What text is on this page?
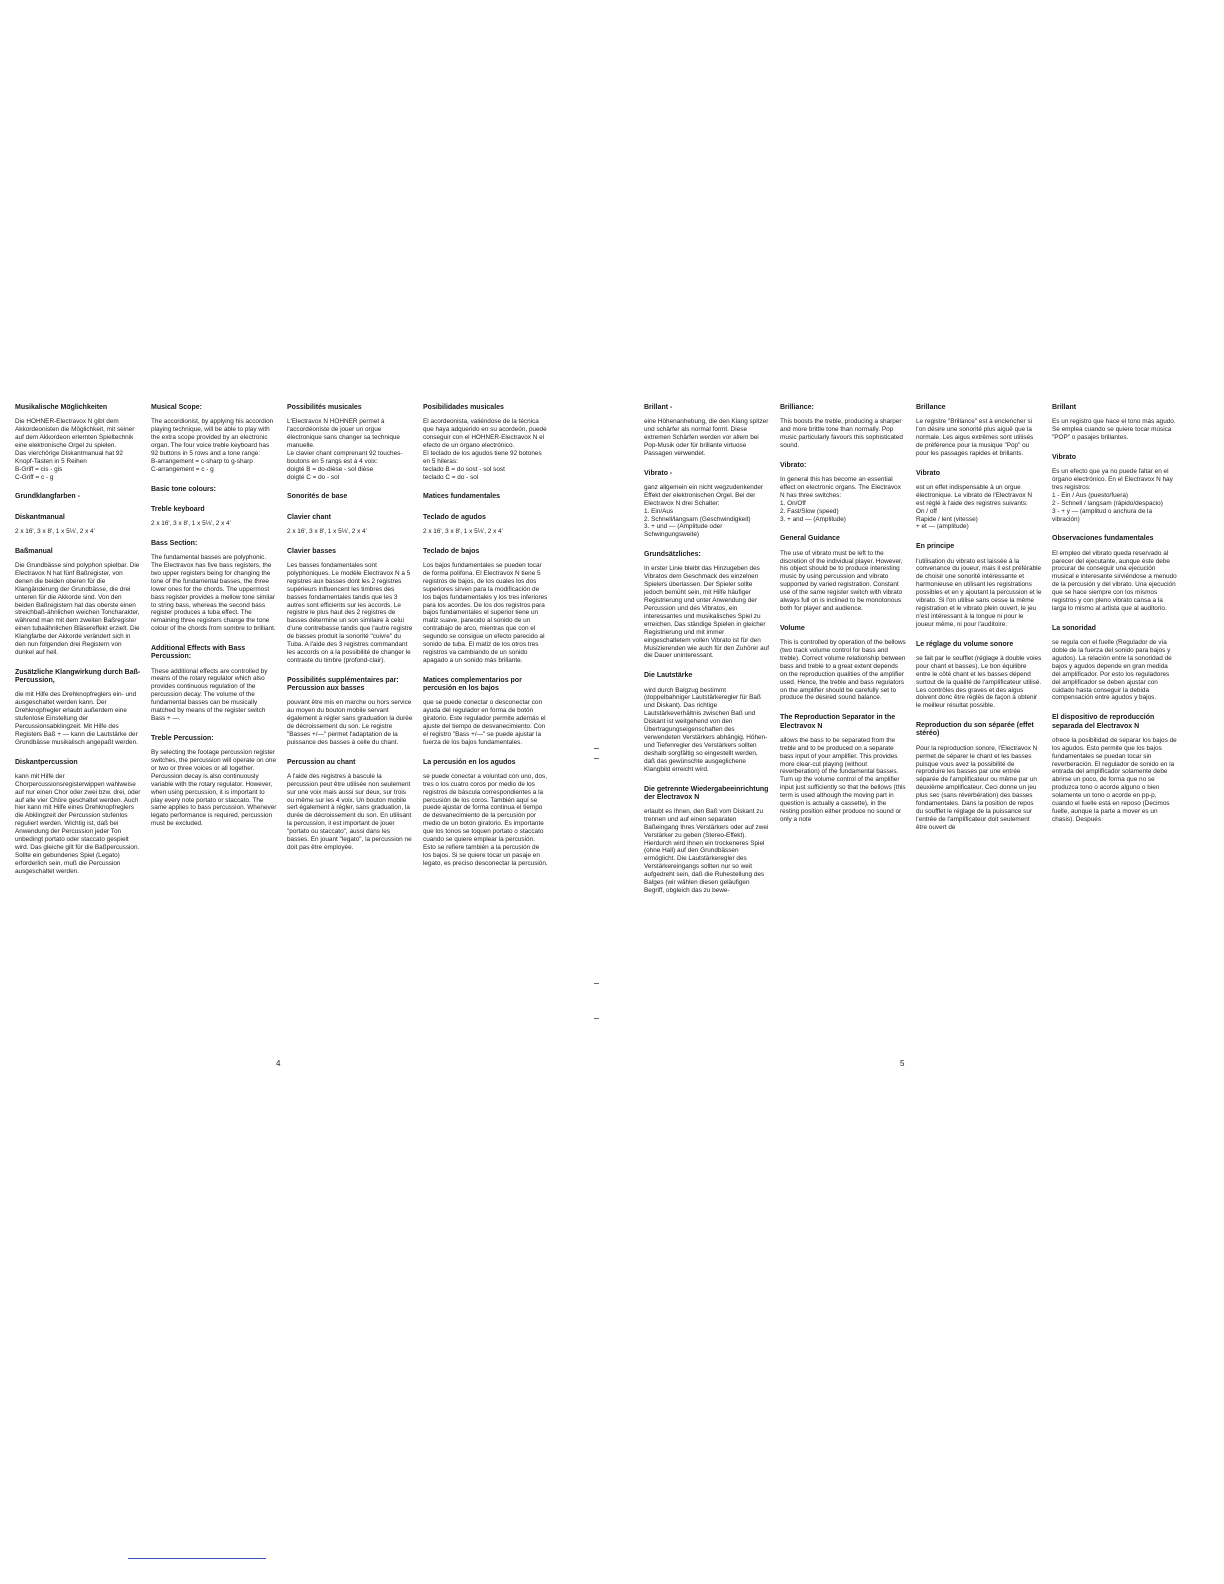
Musikalische Möglichkeiten
Die HOHNER-Electravox N gibt dem Akkordeonisten die Möglichkeit, mit seiner auf dem Akkordeon erlernten Spieltechnik eine elektronische Orgel zu spielen.
Das vierchörige Diskantmanual hat 92 Knopf-Tasten in 5 Reihen
B-Griff = cis - gis
C-Griff = c - g
Grundklangfarben -
Diskantmanual
2 x 16', 3 x 8', 1 x 5⅓', 2 x 4'
Baßmanual
Die Grundbässe sind polyphon spielbar. Die Electravox N hat fünf Baßregister, von denen die beiden oberen für die Klangänderung der Grundbässe, die drei unteren für die Akkorde sind. Von den beiden Baßregistern hat das oberste einen streichbaß-ähnlichen weichen Toncharakter, während man mit dem zweiten Baßregister einen tubaähnlichen Bläsereffekt erzielt. Die Klangfarbe der Akkorde verändert sich in den nun folgenden drei Registern von dunkel auf hell.
Zusätzliche Klangwirkung durch Baß-Percussion,
die mit Hilfe des Drehknopfreglers ein- und ausgeschaltet werden kann. Der Drehknopfregler erlaubt außerdem eine stufenlose Einstellung der Percussionsabklingzeit. Mit Hilfe des Registers Baß + — kann die Lautstärke der Grundbässe musikalisch angepaßt werden.
Diskantpercussion
kann mit Hilfe der Chorpercussionsregisterwippen wahlweise auf nur einen Chor oder zwei bzw. drei, oder auf alle vier Chöre geschaltet werden. Auch hier kann mit Hilfe eines Drehknopfreglers die Abklingzeit der Percussion stufenlos reguliert werden. Wichtig ist, daß bei Anwendung der Percussion jeder Ton unbedingt portato oder staccato gespielt wird. Das gleiche gilt für die Baßpercussion. Sollte ein gebundenes Spiel (Legato) erforderlich sein, muß die Percussion ausgeschaltet werden.
Musical Scope:
The accordionist, by applying his accordion playing technique, will be able to play with the extra scope provided by an electronic organ. The four voice treble keyboard has 92 buttons in 5 rows and a tone range:
B-arrangement = c-sharp to g-sharp
C-arrangement = c - g
Basic tone colours:
Treble keyboard
2 x 16', 3 x 8', 1 x 5⅓', 2 x 4'
Bass Section:
The fundamental basses are polyphonic. The Electravox has five bass registers, the two upper registers being for changing the tone of the fundamental basses, the three lower ones for the chords. The uppermost bass register provides a mellow tone similar to string bass, whereas the second bass register produces a tuba effect. The remaining three registers change the tone colour of the chords from sombre to brilliant.
Additional Effects with Bass Percussion:
These additional effects are controlled by means of the rotary regulator which also provides continuous regulation of the percussion decay. The volume of the fundamental basses can be musically matched by means of the register switch Bass + —.
Treble Percussion:
By selecting the footage percussion register switches, the percussion will operate on one or two or three voices or all together. Percussion decay is also continuously variable with the rotary regulator. However, when using percussion, it is important to play every note portato or staccato. The same applies to bass percussion. Whenever legato performance is required, percussion must be excluded.
Possibilités musicales
L'Electravox N HOHNER permet à l'accordéoniste de jouer un orgue électronique sans changer sa technique manuelle.
Le clavier chant comprenant 92 touches-boutons en 5 rangs est à 4 voix:
doigté B = do-dièse - sol dièse
doigté C = do - sol
Sonorités de base
Clavier chant
2 x 16', 3 x 8', 1 x 5⅓', 2 x 4'
Clavier basses
Les basses fondamentales sont polyphoniques. Le modèle Electravox N a 5 registres aux basses dont les 2 registres supérieurs influencent les timbres des basses fondamentales tandis que les 3 autres sont efficients sur les accords. Le registre le plus haut des 2 registres de basses détermine un son similaire à celui d'une contrebasse tandis que l'autre registre de basses produit la sonorité "cuivre" du Tuba. A l'aide des 3 registres commandant les accords on a la possibilité de changer le contraste du timbre (profond-clair).
Possibilités supplémentaires par: Percussion aux basses
pouvant être mis en marche ou hors service au moyen du bouton mobile servant également à régler sans graduation la durée de décroissement du son. Le registre "Basses +/—" permet l'adaptation de la puissance des basses à celle du chant.
Percussion au chant
A l'aide des registres à bascule la percussion peut être utilisée non seulement sur une voix mais aussi sur deux, sur trois ou même sur les 4 voix. Un bouton mobile sert également à régler, sans graduation, la durée de décroissement du son. En utilisant la percussion, il est important de jouer "portato ou staccato", aussi dans les basses. En jouant "legato", la percussion ne doit pas être employée.
Posibilidades musicales
El acordeonista, valiéndose de la técnica que haya adquerido en su acordeón, puede conseguir con el HOHNER-Electravox N el efecto de un órgano electrónico.
El teclado de los agudos tiene 92 botones en 5 hileras:
teclado B = do sost - sol sost
teclado C = do - sol
Matices fundamentales
Teclado de agudos
2 x 16', 3 x 8', 1 x 5⅓', 2 x 4'
Teclado de bajos
Los bajos fundamentales se pueden tocar de forma polifona. El Electravox N tiene 5 registros de bajos, de los cuales los dos superiores sirven para la modificación de los bajos fundamentales y los tres inferiores para los acordes. De los dos registros para bajos fundamentales el superior tiene un matiz suave, parecido al sonido de un contrabajo de arco, mientras que con el segundo se consigue un efecto parecido al sonido de tuba. El matiz de los otros tres registros va cambiando de un sonido apagado a un sonido más brillante.
Matices complementarios por percusión en los bajos
que se puede conectar o desconectar con ayuda del regulador en forma de botón giratorio. Este regulador permite además el ajuste del tiempo de desvanecimiento. Con el registro "Bass +/—" se puede ajustar la fuerza de los bajos fundamentales.
La percusión en los agudos
se puede conectar a voluntad con uno, dos, tres o los cuatro coros por medio de los registros de báscula correspondientes a la percusión de los coros. También aquí se puede ajustar de forma continua el tiempo de desvanecimiento de la percusión por medio de un botón giratorio. Es importante que los tonos se toquen portato o staccato cuando se quiere emplear la percusión. Esto se refiere también a la percusión de los bajos. Si se quiere tocar un pasaje en legato, es preciso desconectar la percusión.
Brillant -
eine Höhenanhebung, die den Klang spitzer und schärfer als normal formt. Diese extremen Schärfen werden vor allem bei Pop-Musik oder für brillante virtuose Passagen verwendet.
Vibrato -
ganz allgemein ein nicht wegzudenkender Effekt der elektronischen Orgel. Bei der Electravox N drei Schalter:
1. Ein/Aus
2. Schnell/langsam (Geschwindigkeit)
3. + und — (Amplitude oder Schwingungsweite)
Grundsätzliches:
In erster Linie bleibt das Hinzugeben des Vibratos dem Geschmack des einzelnen Spielers überlassen. Der Spieler sollte jedoch bemüht sein, mit Hilfe häufiger Registrierung und unter Anwendung der Percussion und des Vibratos, ein interessantes und musikalisches Spiel zu erreichen. Das ständige Spielen in gleicher Registrierung und mit immer eingeschaltetem vollen Vibrato ist für den Musizierenden wie auch für den Zuhörer auf die Dauer uninteressant.
Die Lautstärke
wird durch Balgzug bestimmt (doppelbahniger Lautstärkeregler für Baß und Diskant). Das richtige Lautstärkeverhältnis zwischen Baß und Diskant ist weitgehend von den Übertragungseigenschaften des verwendeten Verstärkers abhängig. Höhen- und Tiefenregler des Verstärkers sollten deshalb sorgfältig so eingestellt werden, daß das gewünschte ausgeglichene Klangbild erreicht wird.
Die getrennte Wiedergabeeinrichtung der Electravox N
erlaubt es Ihnen, den Baß vom Diskant zu trennen und auf einen separaten Baßeingang Ihres Verstärkers oder auf zwei Verstärker zu geben (Stereo-Effekt). Hierdurch wird Ihnen ein trockeneres Spiel (ohne Hall) auf den Grundbässen ermöglicht. Die Lautstärkeregler des Verstärkereingangs sollten nur so weit aufgedreht sein, daß die Ruhestellung des Balges (wir wählen diesen geläufigen Begriff, obgleich das zu bewe-
Brilliance:
This boosts the treble, producing a sharper and more brittle tone than normally. Pop music particularly favours this sophisticated sound.
Vibrato:
In general this has become an essential effect on electronic organs. The Electravox N has three switches:
1. On/Off
2. Fast/Slow (speed)
3. + and — (Amplitude)
General Guidance
The use of vibrato must be left to the discretion of the individual player. However, his object should be to produce interesting music by using percussion and vibrato supported by varied registration. Constant use of the same register switch with vibrato always full on is inclined to be monotonous both for player and audience.
Volume
This is controlled by operation of the bellows (two track volume control for bass and treble). Correct volume relationship between bass and treble to a great extent depends on the reproduction qualities of the amplifier used. Hence, the treble and bass regulators on the amplifier should be carefully set to produce the desired sound balance.
The Reproduction Separator in the Electravox N
allows the bass to be separated from the treble and to be produced on a separate bass input of your amplifier. This provides more clear-cut playing (without reverberation) of the fundamental basses. Turn up the volume control of the amplifier input just sufficiently so that the bellows (this term is used although the moving part in question is actually a cassette), in the resting position either produce no sound or only a note
Brillance
Le registre "Brillance" est à enclencher si l'on désire une sonorité plus aiguë que la normale. Les aigus extrêmes sont utilisés de préférence pour la musique "Pop" ou pour les passages rapides et brillants.
Vibrato
est un effet indispensable à un orgue électronique. Le vibrato de l'Electravox N est réglé à l'aide des registres suivants:
On / off
Rapide / lent (vitesse)
+ et — (amplitude)
En principe
l'utilisation du vibrato est laissée à la convenance du joueur, mais il est préférable de choisir une sonorité intéressante et harmonieuse en utilisant les registrations possibles et en y ajoutant la percussion et le vibrato. Si l'on utilise sans cesse la même registration et le vibrato plein ouvert, le jeu n'est intéressant à la longue ni pour le joueur même, ni pour l'auditoire.
Le réglage du volume sonore
se fait par le soufflet (réglage à double voies pour chant et basses). Le bon équilibre entre le côté chant et les basses dépend surtout de la qualité de l'amplificateur utilisé. Les contrôles des graves et des aigus doivent donc être réglés de façon à obtenir le meilleur résultat possible.
Reproduction du son séparée (effet stéréo)
Pour la reproduction sonore, l'Electravox N permet de séparer le chant et les basses puisque vous avez la possibilité de reproduire les basses par une entrée séparée de l'amplificateur ou même par un deuxième amplificateur. Ceci donne un jeu plus sec (sans réverbération) des basses fondamentales. Dans la position de repos du soufflet le réglage de la puissance sur l'entrée de l'amplificateur doit seulement être ouvert de
Brillant
Es un registro que hace el tono más agudo. Se emplea cuando se quiere tocar música "POP" o pasajes brillantes.
Vibrato
Es un efecto que ya no puede faltar en el órgano electrónico. En el Electravox N hay tres registros:
1 - Ein / Aus (puesto/fuera)
2 - Schnell / langsam (rápido/despacio)
3 - + y — (amplitud o anchura de la vibración)
Observaciones fundamentales
El empleo del vibrato queda reservado al parecer del ejecutante, aunque éste debe procurar de conseguir una ejecución musical e interesante sirviéndose a menudo de la percusión y del vibrato. Una ejecución que se hace siempre con los mismos registros y con pleno vibrato cansa a la larga lo mismo al artista que al auditorio.
La sonoridad
se regula con el fuelle (Regulador de vía doble de la fuerza del sonido para bajos y agudos). La relación entre la sonoridad de bajos y agudos depende en gran medida del amplificador. Por esto los reguladores del amplificador se deben ajustar con cuidado hasta conseguir la debida compensación entre agudos y bajos.
El dispositivo de reproducción separada del Electravox N
ofrece la posibilidad de separar los bajos de los agudos. Esto permite que los bajos fundamentales se puedan tocar sin reverberación. El regulador de sonido en la entrada del amplificador solamente debe abrirse un poco, de forma que no se produzca tono o acorde alguno o bien solamente un tono o acorde en pp-p, cuando el fuelle está en reposo (Decimos fuelle, aunque la parte a mover es un chasis). Después
4	5
